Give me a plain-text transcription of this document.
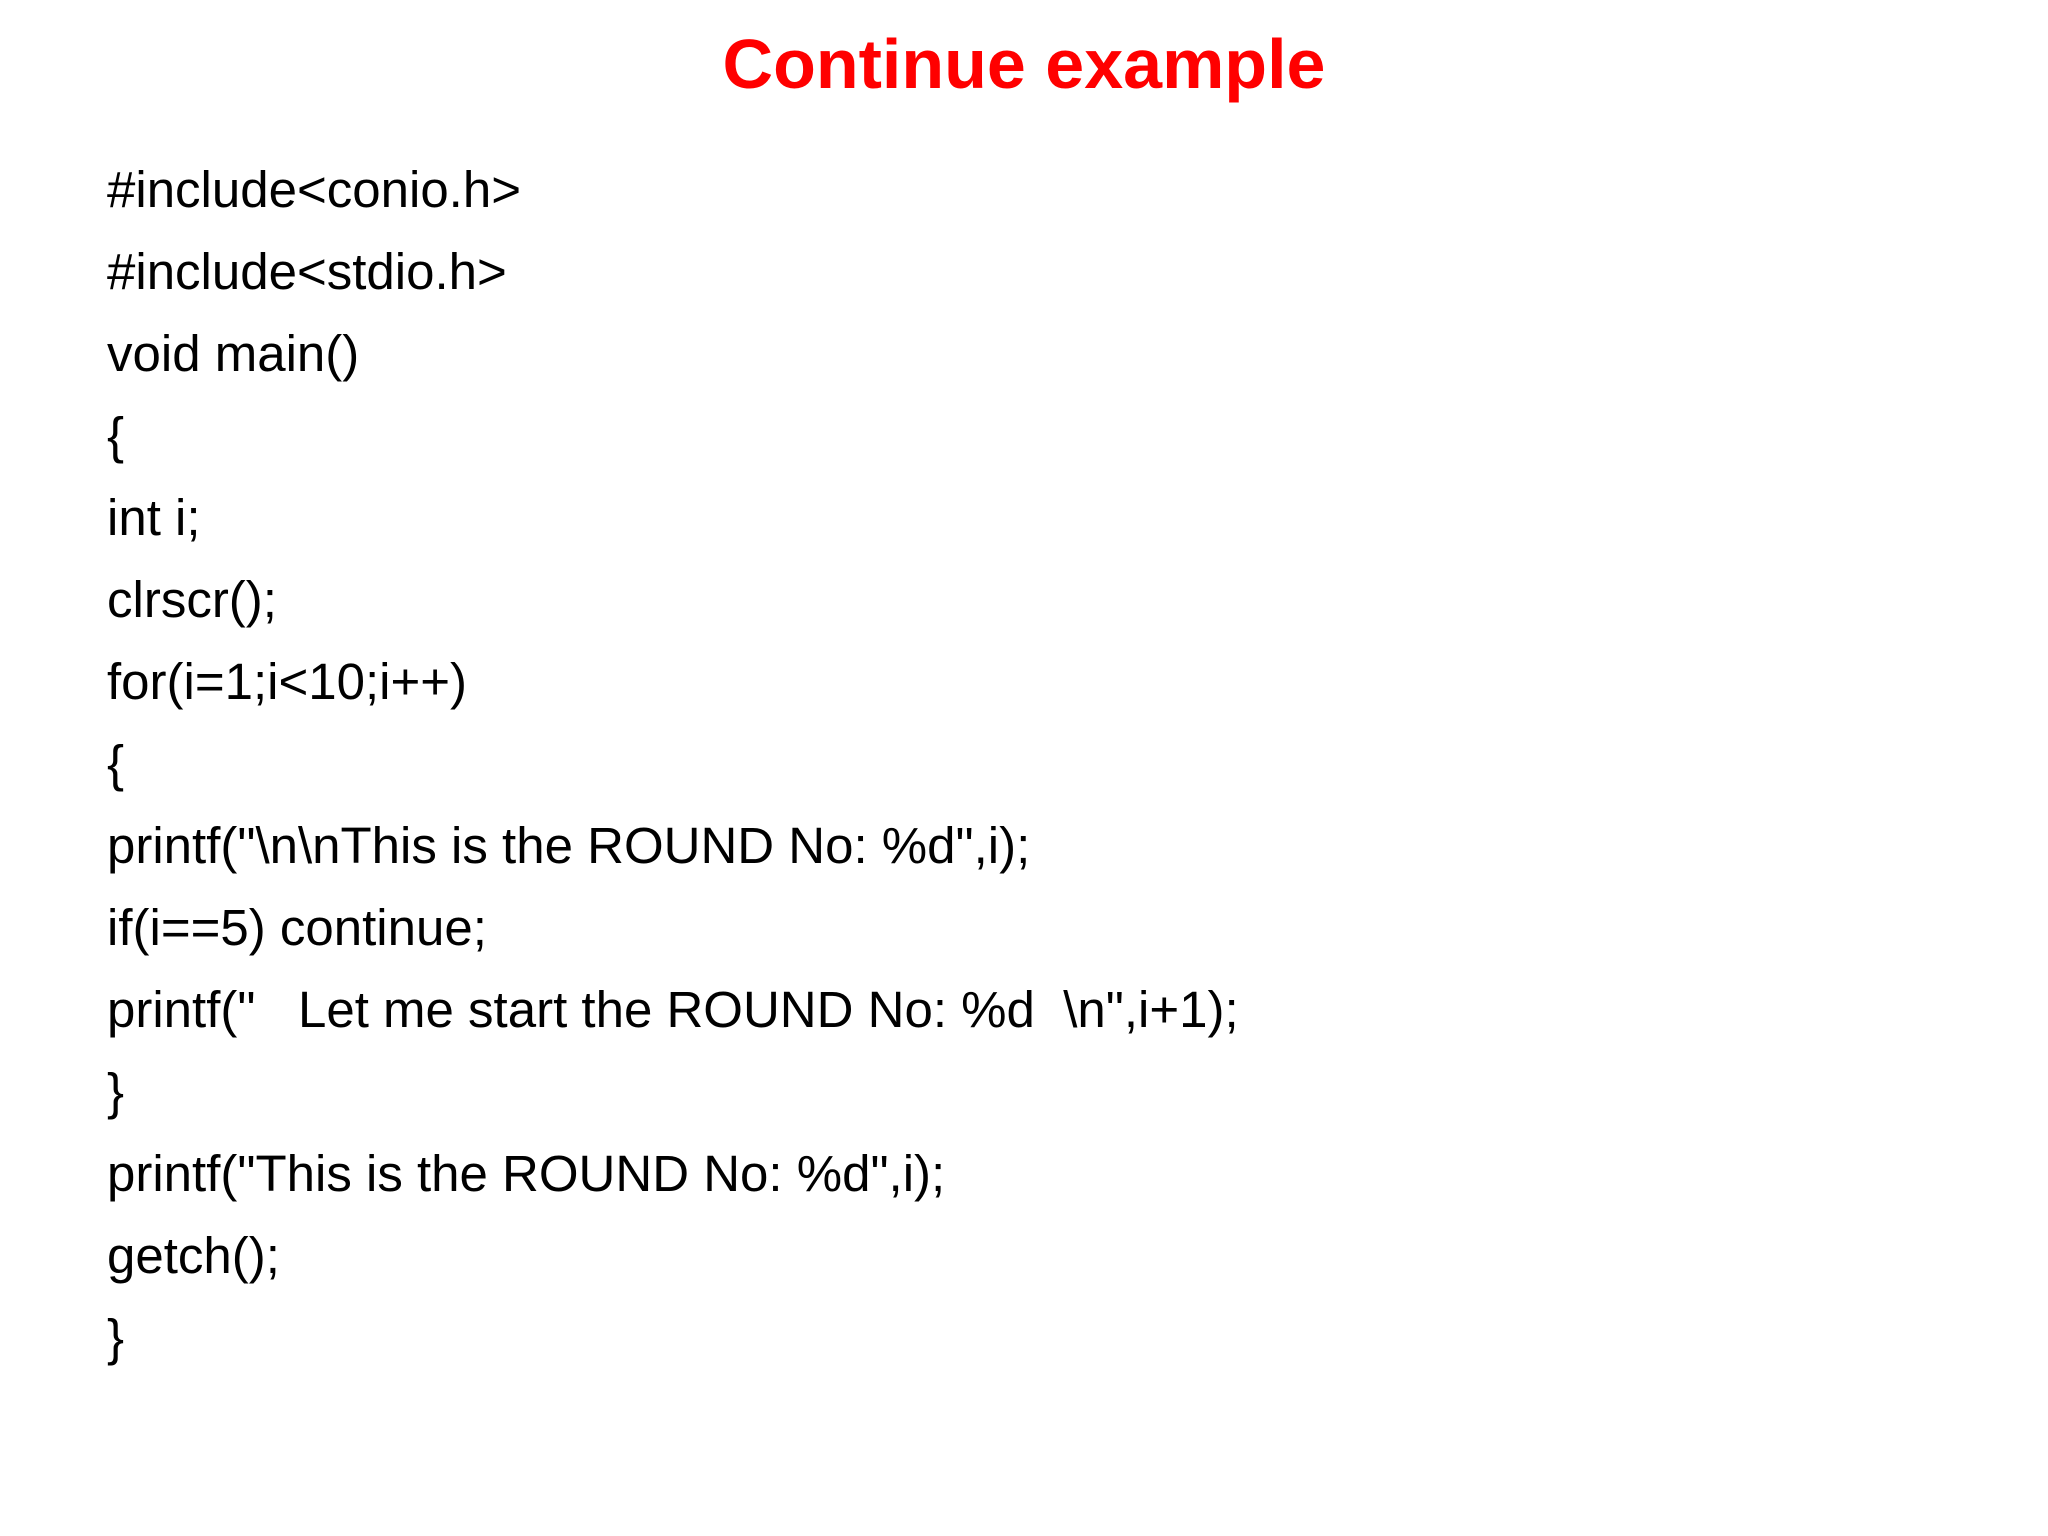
Continue example
#include<conio.h>
#include<stdio.h>
void main()
{
int i;
clrscr();
for(i=1;i<10;i++)
{
printf("\n\nThis is the ROUND No: %d",i);
if(i==5) continue;
printf("   Let me start the ROUND No: %d  \n",i+1);
}
printf("This is the ROUND No: %d",i);
getch();
}
